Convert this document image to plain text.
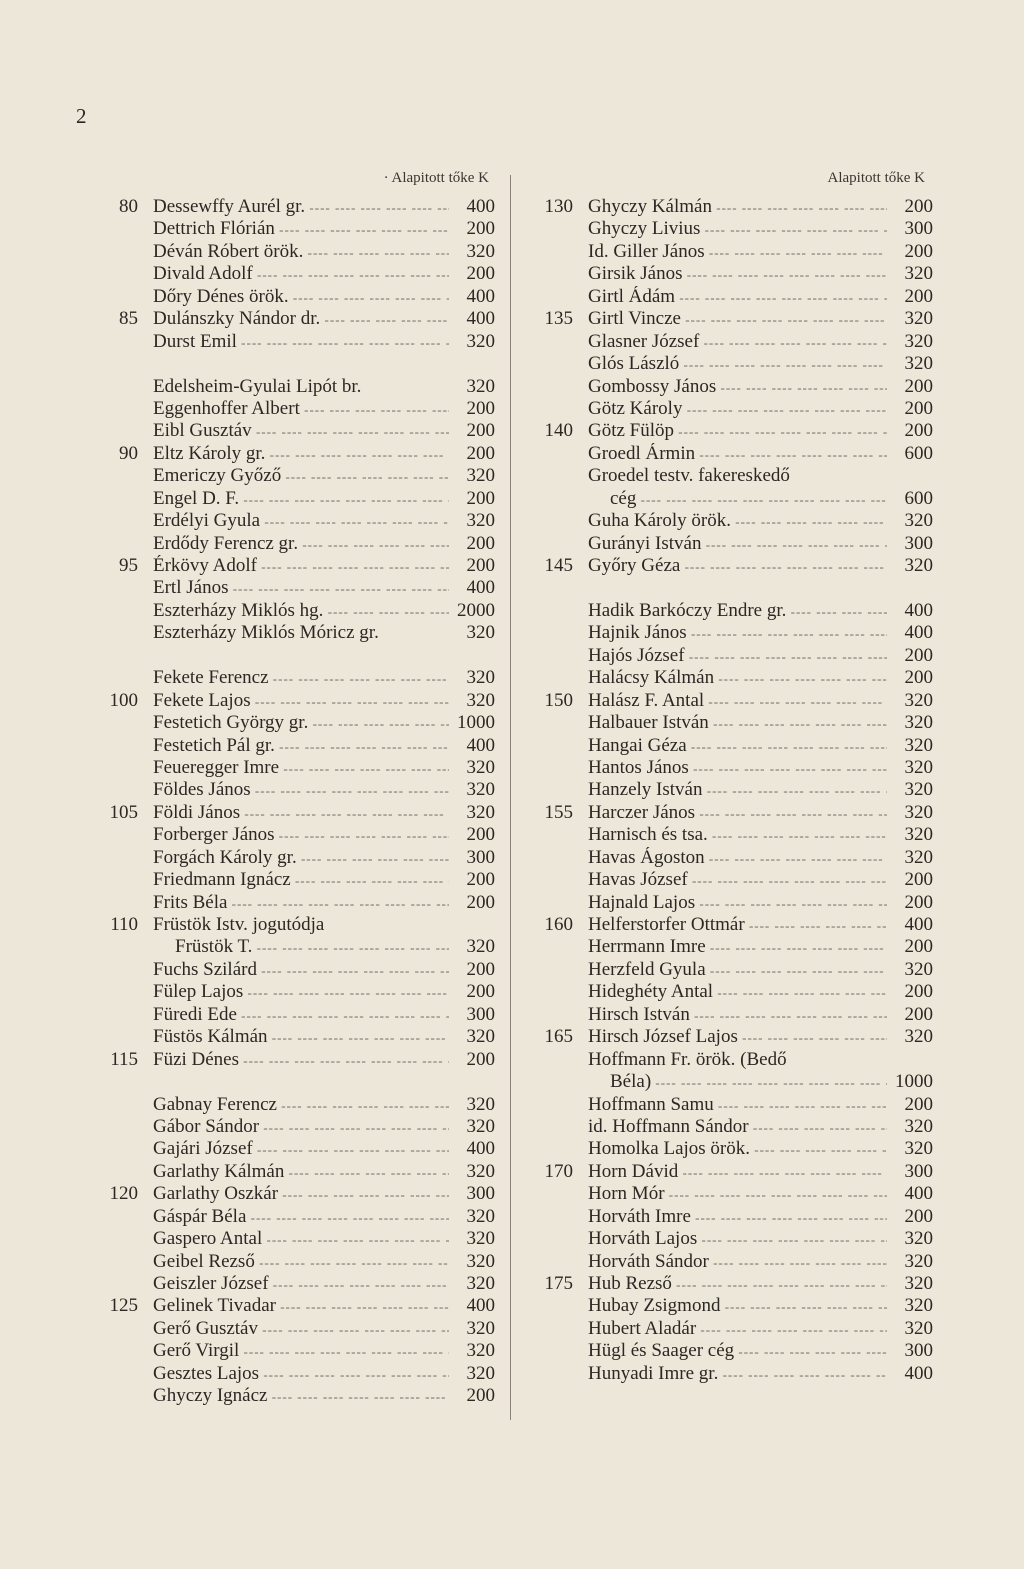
2
· Alapitott tőke K
80 Dessewffy Aurél gr. ----	400
Dettrich Flórián ----	200
Déván Róbert örök. ----	320
Divald Adolf ----	200
Dőry Dénes örök. ----	400
85 Dulánszky Nándor dr. ----	400
Durst Emil ----	320
Edelsheim-Gyulai Lipót br.	320
Eggenhoffer Albert ----	200
Eibl Gusztáv ----	200
90 Eltz Károly gr. ----	200
Emericzy Győző ----	320
Engel D. F. ----	200
Erdélyi Gyula ----	320
Erdődy Ferencz gr. ----	200
95 Érkövy Adolf ----	200
Ertl János ----	400
Eszterházy Miklós hg. ----	2000
Eszterházy Miklós Móricz gr.	320
Fekete Ferencz ----	320
100 Fekete Lajos ----	320
Festetich György gr. ----	1000
Festetich Pál gr. ----	400
Feueregger Imre ----	320
Földes János ----	320
105 Földi János ----	320
Forberger János ----	200
Forgách Károly gr. ----	300
Friedmann Ignácz ----	200
Frits Béla ----	200
110 Früstök Istv. jogutódja
Früstök T. ----	320
Fuchs Szilárd ----	200
Fülep Lajos ----	200
Füredi Ede ----	300
Füstös Kálmán ----	320
115 Füzi Dénes ----	200
Gabnay Ferencz ----	320
Gábor Sándor ----	320
Gajári József ----	400
Garlathy Kálmán ----	320
120 Garlathy Oszkár ----	300
Gáspár Béla ----	320
Gaspero Antal ----	320
Geibel Rezső ----	320
Geiszler József ----	320
125 Gelinek Tivadar ----	400
Gerő Gusztáv ----	320
Gerő Virgil ----	320
Gesztes Lajos ----	320
Ghyczy Ignácz ----	200
Alapitott tőke K
130 Ghyczy Kálmán ----	200
Ghyczy Livius ----	300
Id. Giller János ----	200
Girsik János ----	320
Girtl Ádám ----	200
135 Girtl Vincze ----	320
Glasner József ----	320
Glós László ----	320
Gombossy János ----	200
Götz Károly ----	200
140 Götz Fülöp ----	200
Groedl Ármin ----	600
Groedel testv. fakereskedő
cég ----	600
Guha Károly örök. ----	320
Gurányi István ----	300
145 Győry Géza ----	320
Hadik Barkóczy Endre gr. ----	400
Hajnik János ----	400
Hajós József ----	200
Halácsy Kálmán ----	200
150 Halász F. Antal ----	320
Halbauer István ----	320
Hangai Géza ----	320
Hantos János ----	320
Hanzely István ----	320
155 Harczer János ----	320
Harnisch és tsa. ----	320
Havas Ágoston ----	320
Havas József ----	200
Hajnald Lajos ----	200
160 Helferstorfer Ottmár ----	400
Herrmann Imre ----	200
Herzfeld Gyula ----	320
Hideghéty Antal ----	200
Hirsch István ----	200
165 Hirsch József Lajos ----	320
Hoffmann Fr. örök. (Bedő
Béla) ----	1000
Hoffmann Samu ----	200
id. Hoffmann Sándor ----	320
Homolka Lajos örök. ----	320
170 Horn Dávid ----	300
Horn Mór ----	400
Horváth Imre ----	200
Horváth Lajos ----	320
Horváth Sándor ----	320
175 Hub Rezső ----	320
Hubay Zsigmond ----	320
Hubert Aladár ----	320
Hügl és Saager cég ----	300
Hunyadi Imre gr. ----	400
